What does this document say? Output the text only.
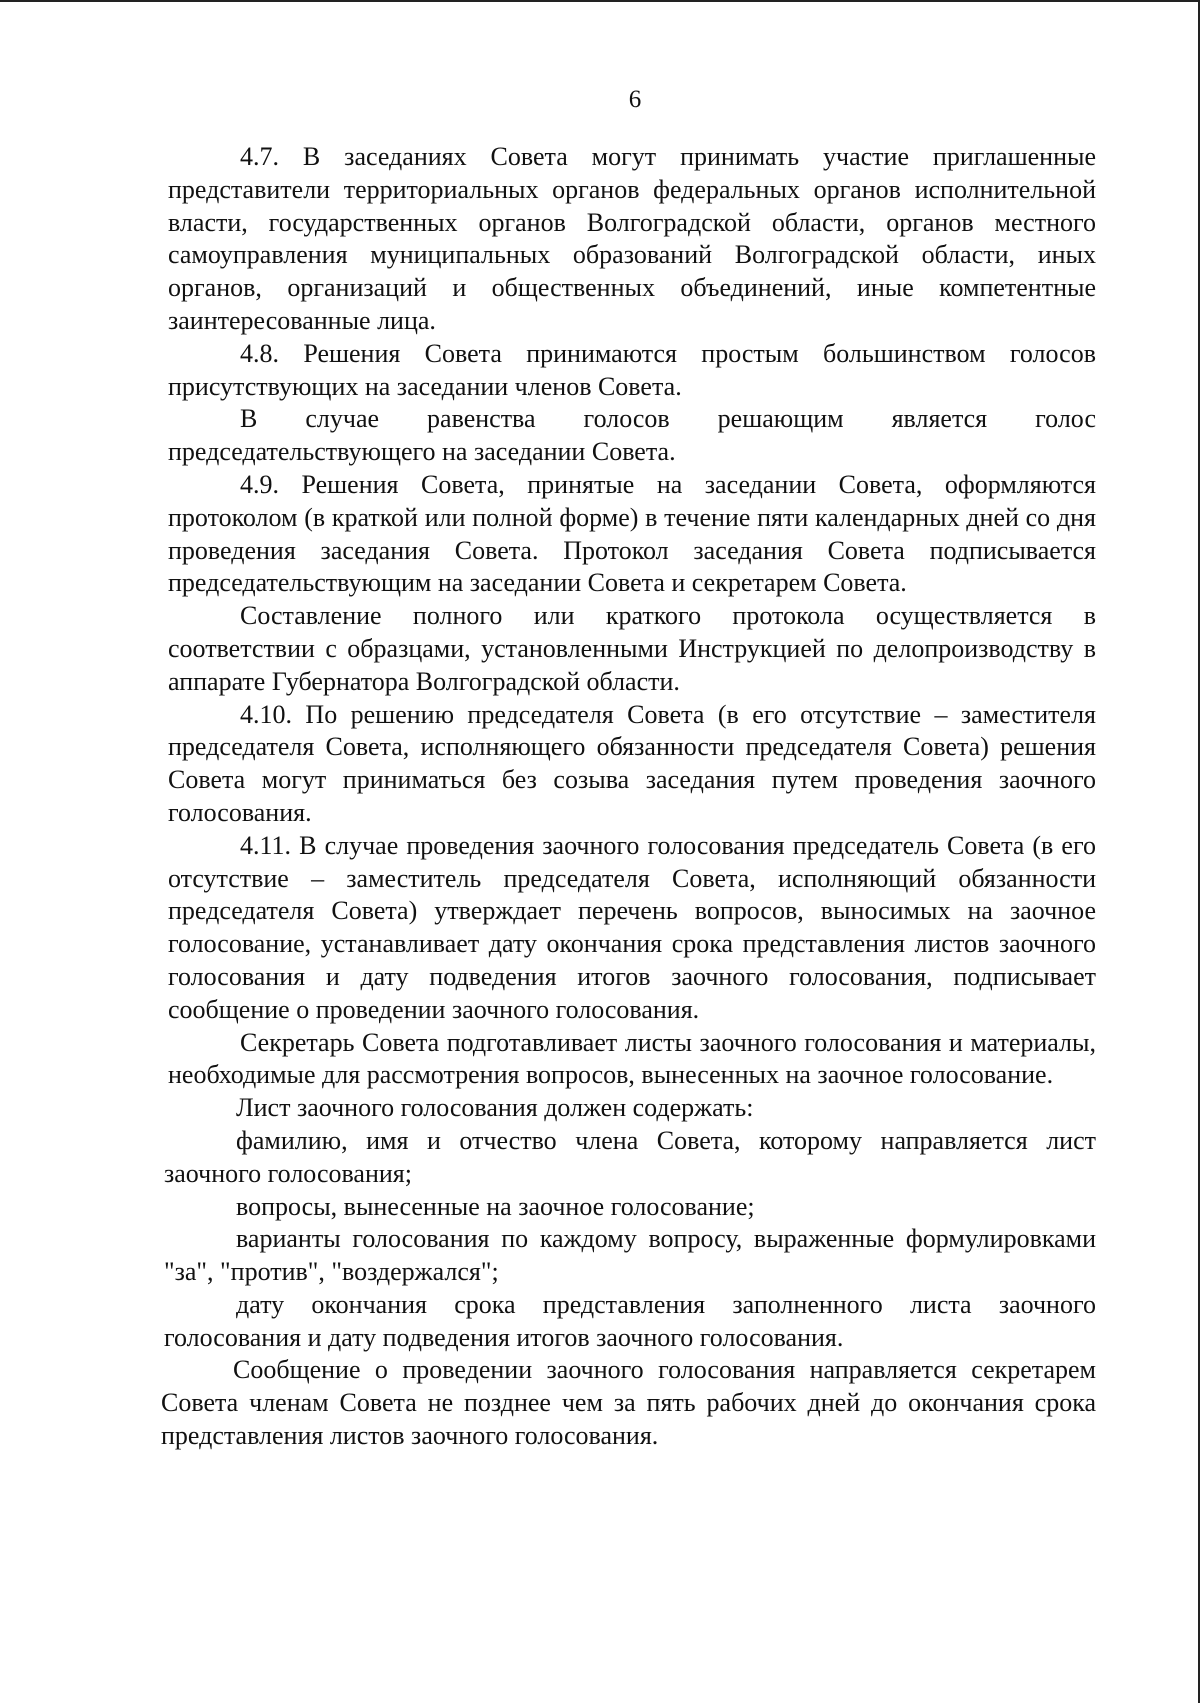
6

4.7. В заседаниях Совета могут принимать участие приглашенные представители территориальных органов федеральных органов исполнительной власти, государственных органов Волгоградской области, органов местного самоуправления муниципальных образований Волгоградской области, иных органов, организаций и общественных объединений, иные компетентные заинтересованные лица.

4.8. Решения Совета принимаются простым большинством голосов присутствующих на заседании членов Совета.

В случае равенства голосов решающим является голос председательствующего на заседании Совета.

4.9. Решения Совета, принятые на заседании Совета, оформляются протоколом (в краткой или полной форме) в течение пяти календарных дней со дня проведения заседания Совета. Протокол заседания Совета подписывается председательствующим на заседании Совета и секретарем Совета.

Составление полного или краткого протокола осуществляется в соответствии с образцами, установленными Инструкцией по делопроизводству в аппарате Губернатора Волгоградской области.

4.10. По решению председателя Совета (в его отсутствие – заместителя председателя Совета, исполняющего обязанности председателя Совета) решения Совета могут приниматься без созыва заседания путем проведения заочного голосования.

4.11. В случае проведения заочного голосования председатель Совета (в его отсутствие – заместитель председателя Совета, исполняющий обязанности председателя Совета) утверждает перечень вопросов, выносимых на заочное голосование, устанавливает дату окончания срока представления листов заочного голосования и дату подведения итогов заочного голосования, подписывает сообщение о проведении заочного голосования.

Секретарь Совета подготавливает листы заочного голосования и материалы, необходимые для рассмотрения вопросов, вынесенных на заочное голосование.

Лист заочного голосования должен содержать:

фамилию, имя и отчество члена Совета, которому направляется лист заочного голосования;

вопросы, вынесенные на заочное голосование;

варианты голосования по каждому вопросу, выраженные формулировками "за", "против", "воздержался";

дату окончания срока представления заполненного листа заочного голосования и дату подведения итогов заочного голосования.

Сообщение о проведении заочного голосования направляется секретарем Совета членам Совета не позднее чем за пять рабочих дней до окончания срока представления листов заочного голосования.
